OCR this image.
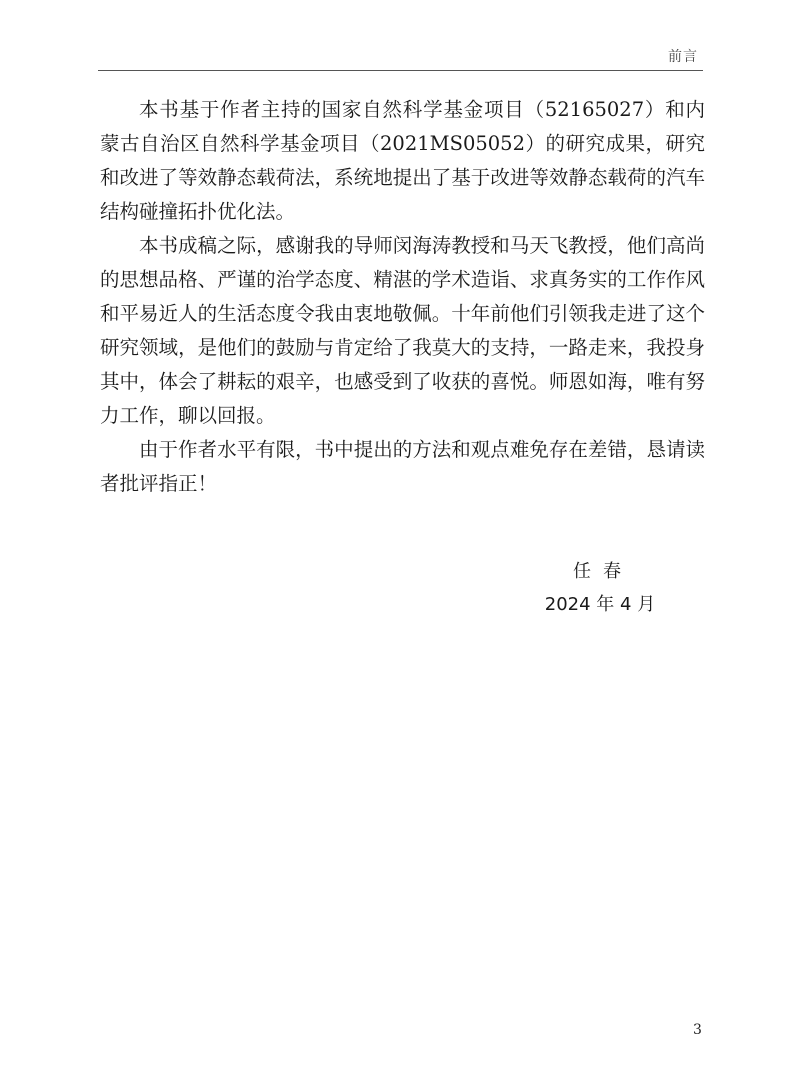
前言

本书基于作者主持的国家自然科学基金项目（52165027）和内蒙古自治区自然科学基金项目（2021MS05052）的研究成果，研究和改进了等效静态载荷法，系统地提出了基于改进等效静态载荷的汽车结构碰撞拓扑优化法。

本书成稿之际，感谢我的导师闵海涛教授和马天飞教授，他们高尚的思想品格、严谨的治学态度、精湛的学术造诣、求真务实的工作作风和平易近人的生活态度令我由衷地敬佩。十年前他们引领我走进了这个研究领域，是他们的鼓励与肯定给了我莫大的支持，一路走来，我投身其中，体会了耕耘的艰辛，也感受到了收获的喜悦。师恩如海，唯有努力工作，聊以回报。

由于作者水平有限，书中提出的方法和观点难免存在差错，恳请读者批评指正！

任春
2024 年 4 月
3
